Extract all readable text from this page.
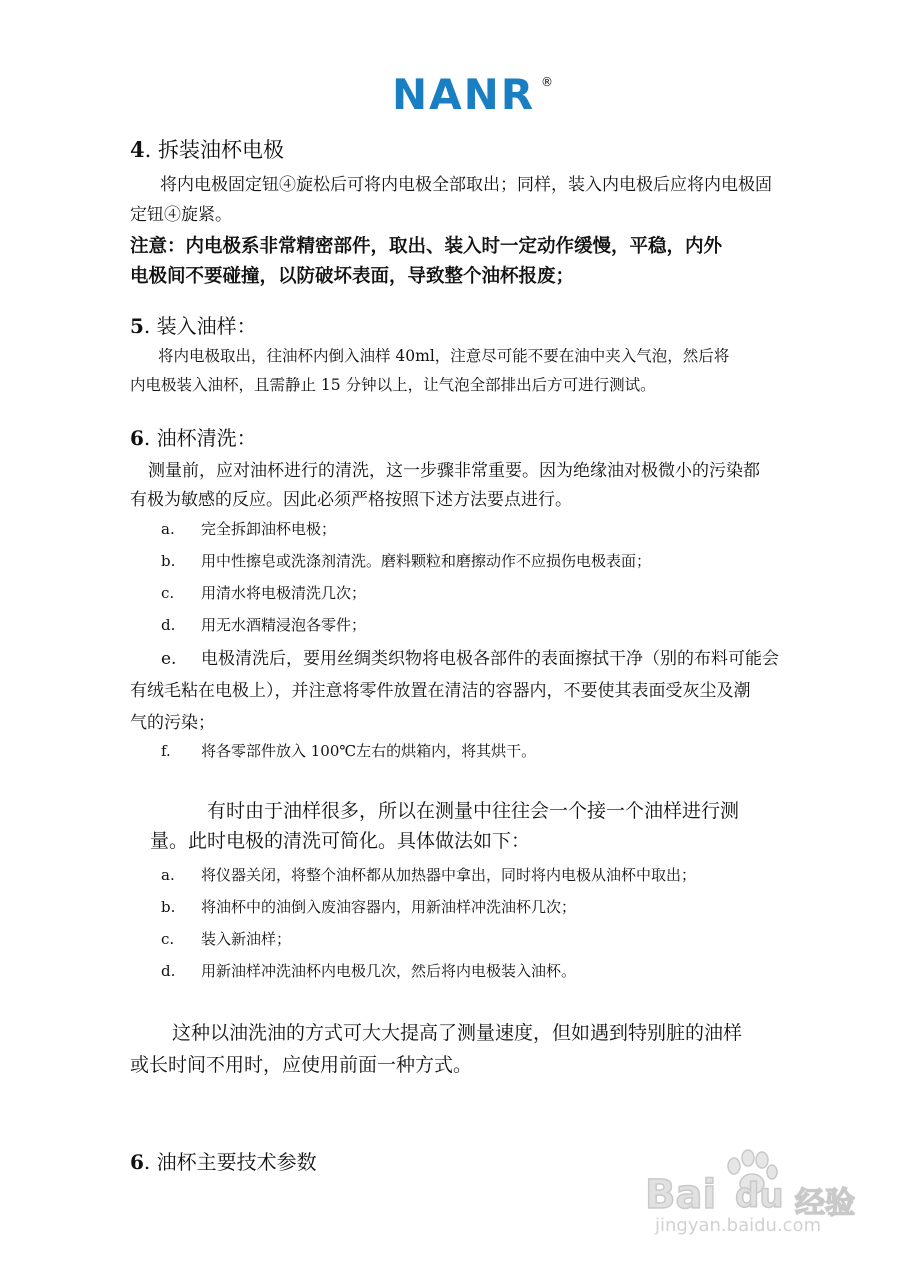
NANR ®
4. 拆装油杯电极
将内电极固定钮④旋松后可将内电极全部取出；同样，装入内电极后应将内电极固
定钮④旋紧。
注意：内电极系非常精密部件，取出、装入时一定动作缓慢，平稳，内外
电极间不要碰撞，以防破坏表面，导致整个油杯报废；
5. 装入油样：
将内电极取出，往油杯内倒入油样 40ml，注意尽可能不要在油中夹入气泡，然后将
内电极装入油杯，且需静止 15 分钟以上，让气泡全部排出后方可进行测试。
6. 油杯清洗：
测量前，应对油杯进行的清洗，这一步骤非常重要。因为绝缘油对极微小的污染都
有极为敏感的反应。因此必须严格按照下述方法要点进行。
a. 完全拆卸油杯电极；
b. 用中性擦皂或洗涤剂清洗。磨料颗粒和磨擦动作不应损伤电极表面；
c. 用清水将电极清洗几次；
d. 用无水酒精浸泡各零件；
e. 电极清洗后，要用丝绸类织物将电极各部件的表面擦拭干净（别的布料可能会
有绒毛粘在电极上），并注意将零件放置在清洁的容器内，不要使其表面受灰尘及潮
气的污染；
f. 将各零部件放入 100℃左右的烘箱内，将其烘干。
有时由于油样很多，所以在测量中往往会一个接一个油样进行测
量。此时电极的清洗可简化。具体做法如下：
a. 将仪器关闭，将整个油杯都从加热器中拿出，同时将内电极从油杯中取出；
b. 将油杯中的油倒入废油容器内，用新油样冲洗油杯几次；
c. 装入新油样；
d. 用新油样冲洗油杯内电极几次，然后将内电极装入油杯。
这种以油洗油的方式可大大提高了测量速度，但如遇到特别脏的油样
或长时间不用时，应使用前面一种方式。
6. 油杯主要技术参数
Bai du 经验
jingyan.baidu.com
